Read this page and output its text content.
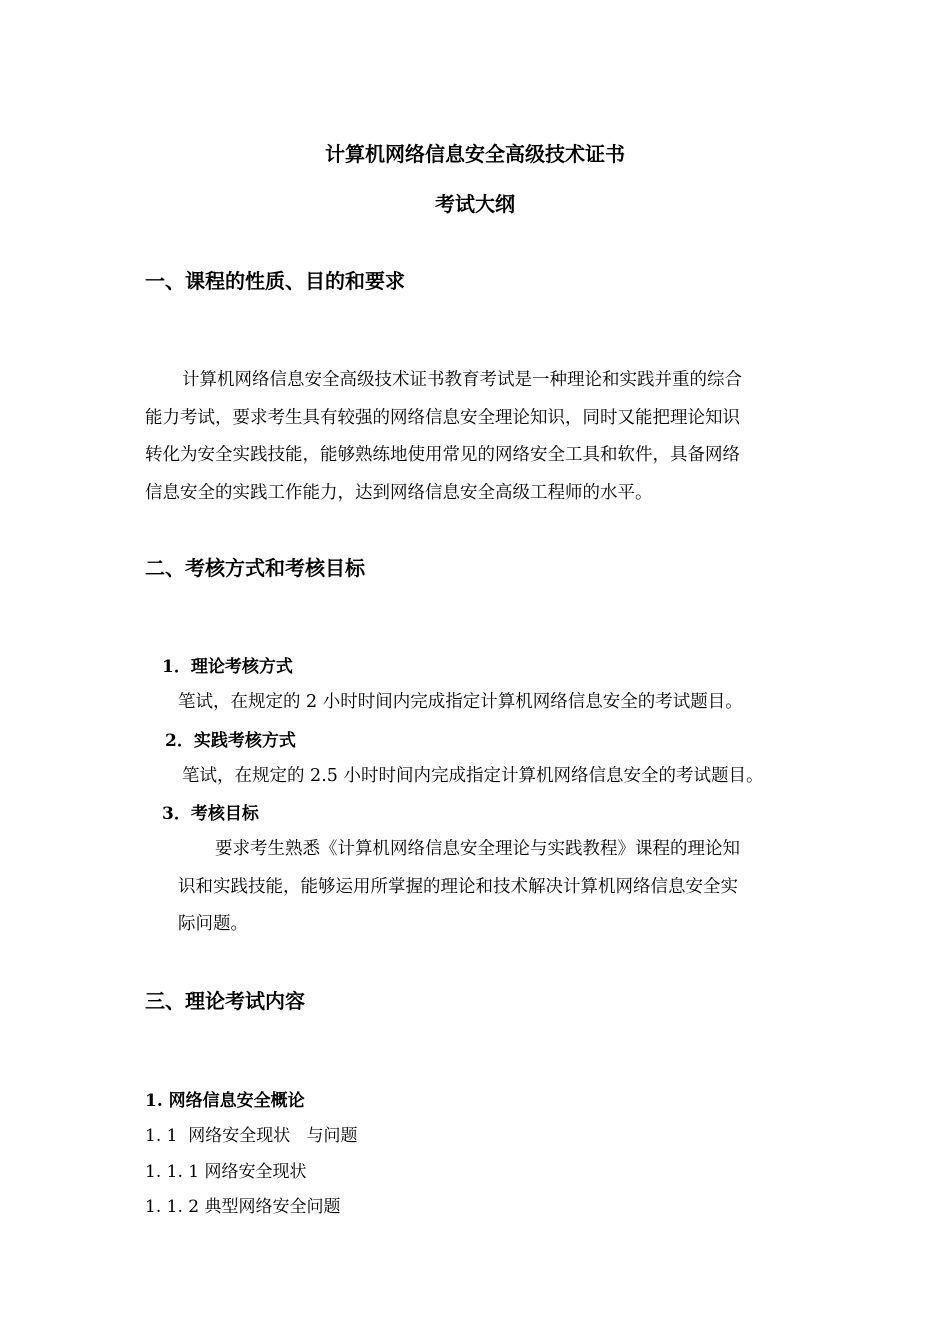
计算机网络信息安全高级技术证书

考试大纲

一、课程的性质、目的和要求

计算机网络信息安全高级技术证书教育考试是一种理论和实践并重的综合

能力考试，要求考生具有较强的网络信息安全理论知识，同时又能把理论知识

转化为安全实践技能，能够熟练地使用常见的网络安全工具和软件，具备网络

信息安全的实践工作能力，达到网络信息安全高级工程师的水平。

二、考核方式和考核目标

1．理论考核方式

笔试，在规定的 2 小时时间内完成指定计算机网络信息安全的考试题目。

2．实践考核方式

笔试，在规定的 2.5 小时时间内完成指定计算机网络信息安全的考试题目。

3．考核目标

要求考生熟悉《计算机网络信息安全理论与实践教程》课程的理论知

识和实践技能，能够运用所掌握的理论和技术解决计算机网络信息安全实

际问题。

三、理论考试内容

1. 网络信息安全概论

1. 1  网络安全现状   与问题

1. 1. 1 网络安全现状

1. 1. 2 典型网络安全问题
